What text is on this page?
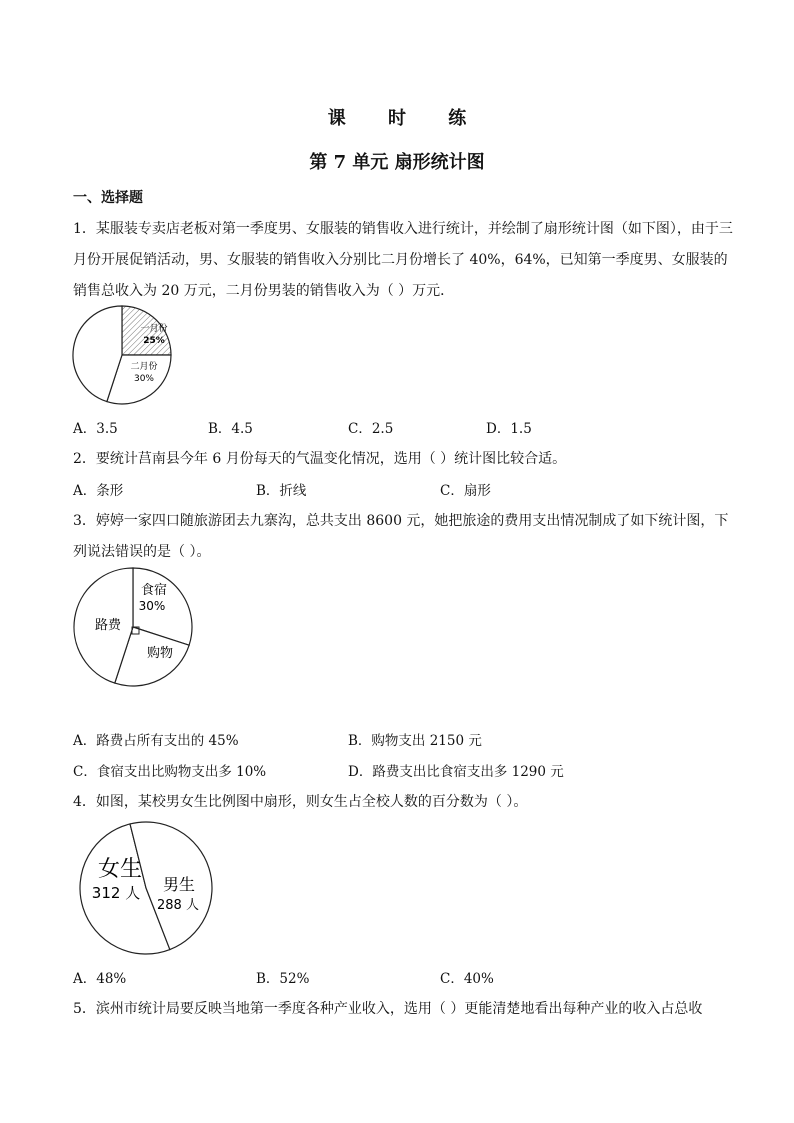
课 时 练
第 7 单元 扇形统计图
一、选择题
1．某服装专卖店老板对第一季度男、女服装的销售收入进行统计，并绘制了扇形统计图（如下图），由于三
月份开展促销活动，男、女服装的销售收入分别比二月份增长了 40%，64%，已知第一季度男、女服装的
销售总收入为 20 万元，二月份男装的销售收入为（ ）万元．
一月份
25%
二月份
30%
A．3.5	B．4.5	C．2.5	D．1.5
2．要统计莒南县今年 6 月份每天的气温变化情况，选用（ ）统计图比较合适。
A．条形	B．折线	C．扇形
3．婷婷一家四口随旅游团去九寨沟，总共支出 8600 元，她把旅途的费用支出情况制成了如下统计图，下
列说法错误的是（ ）。
食宿
30%
路费
购物
A．路费占所有支出的 45%	B．购物支出 2150 元
C．食宿支出比购物支出多 10%	D．路费支出比食宿支出多 1290 元
4．如图，某校男女生比例图中扇形，则女生占全校人数的百分数为（ ）。
女生
312 人 男生
288 人
A．48%	B．52%	C．40%
5．滨州市统计局要反映当地第一季度各种产业收入，选用（ ）更能清楚地看出每种产业的收入占总收
